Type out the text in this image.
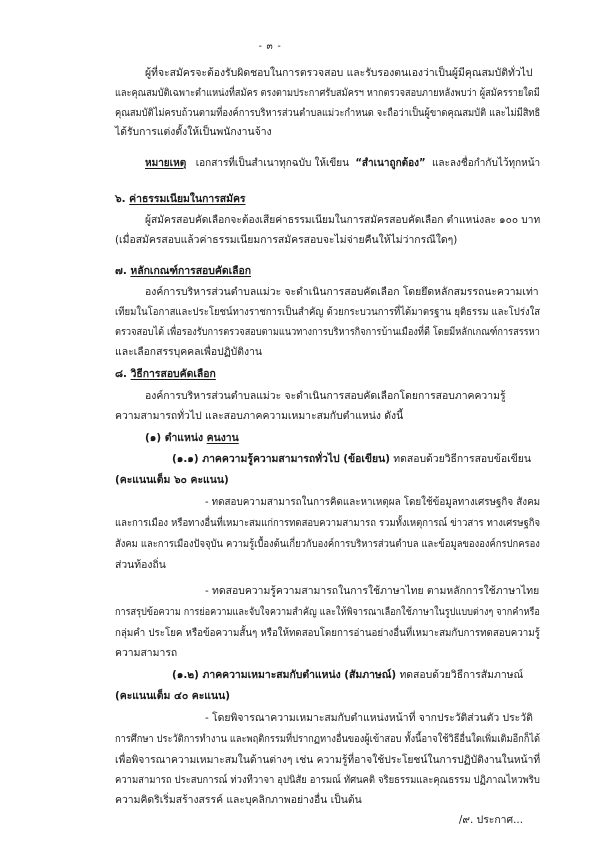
- ๓ -
ผู้ที่จะสมัครจะต้องรับผิดชอบในการตรวจสอบ และรับรองตนเองว่าเป็นผู้มีคุณสมบัติทั่วไป
และคุณสมบัติเฉพาะตำแหน่งที่สมัคร ตรงตามประกาศรับสมัครฯ หากตรวจสอบภายหลังพบว่า ผู้สมัครรายใดมี
คุณสมบัติไม่ครบถ้วนตามที่องค์การบริหารส่วนตำบลแม่วะกำหนด จะถือว่าเป็นผู้ขาดคุณสมบัติ และไม่มีสิทธิ
ได้รับการแต่งตั้งให้เป็นพนักงานจ้าง
หมายเหตุ เอกสารที่เป็นสำเนาทุกฉบับ ให้เขียน “สำเนาถูกต้อง” และลงชื่อกำกับไว้ทุกหน้า
๖. ค่าธรรมเนียมในการสมัคร
ผู้สมัครสอบคัดเลือกจะต้องเสียค่าธรรมเนียมในการสมัครสอบคัดเลือก ตำแหน่งละ ๑๐๐ บาท
(เมื่อสมัครสอบแล้วค่าธรรมเนียมการสมัครสอบจะไม่จ่ายคืนให้ไม่ว่ากรณีใดๆ)
๗. หลักเกณฑ์การสอบคัดเลือก
องค์การบริหารส่วนตำบลแม่วะ จะดำเนินการสอบคัดเลือก โดยยึดหลักสมรรถนะความเท่า
เทียมในโอกาสและประโยชน์ทางราชการเป็นสำคัญ ด้วยกระบวนการที่ได้มาตรฐาน ยุติธรรม และโปร่งใส
ตรวจสอบได้ เพื่อรองรับการตรวจสอบตามแนวทางการบริหารกิจการบ้านเมืองที่ดี โดยมีหลักเกณฑ์การสรรหา
และเลือกสรรบุคคลเพื่อปฏิบัติงาน
๘. วิธีการสอบคัดเลือก
องค์การบริหารส่วนตำบลแม่วะ จะดำเนินการสอบคัดเลือกโดยการสอบภาคความรู้
ความสามารถทั่วไป และสอบภาคความเหมาะสมกับตำแหน่ง ดังนี้
(๑) ตำแหน่ง คนงาน
(๑.๑) ภาคความรู้ความสามารถทั่วไป (ข้อเขียน) ทดสอบด้วยวิธีการสอบข้อเขียน
(คะแนนเต็ม ๖๐ คะแนน)
- ทดสอบความสามารถในการคิดและหาเหตุผล โดยใช้ข้อมูลทางเศรษฐกิจ สังคม
และการเมือง หรือทางอื่นที่เหมาะสมแก่การทดสอบความสามารถ รวมทั้งเหตุการณ์ ข่าวสาร ทางเศรษฐกิจ
สังคม และการเมืองปัจจุบัน ความรู้เบื้องต้นเกี่ยวกับองค์การบริหารส่วนตำบล และข้อมูลขององค์กรปกครอง
ส่วนท้องถิ่น
- ทดสอบความรู้ความสามารถในการใช้ภาษาไทย ตามหลักการใช้ภาษาไทย
การสรุปข้อความ การย่อความและจับใจความสำคัญ และให้พิจารณาเลือกใช้ภาษาในรูปแบบต่างๆ จากคำหรือ
กลุ่มคำ ประโยค หรือข้อความสั้นๆ หรือให้ทดสอบโดยการอ่านอย่างอื่นที่เหมาะสมกับการทดสอบความรู้
ความสามารถ
(๑.๒) ภาคความเหมาะสมกับตำแหน่ง (สัมภาษณ์) ทดสอบด้วยวิธีการสัมภาษณ์
(คะแนนเต็ม ๔๐ คะแนน)
- โดยพิจารณาความเหมาะสมกับตำแหน่งหน้าที่ จากประวัติส่วนตัว ประวัติ
การศึกษา ประวัติการทำงาน และพฤติกรรมที่ปรากฏทางอื่นของผู้เข้าสอบ ทั้งนี้อาจใช้วิธีอื่นใดเพิ่มเติมอีกก็ได้
เพื่อพิจารณาความเหมาะสมในด้านต่างๆ เช่น ความรู้ที่อาจใช้ประโยชน์ในการปฏิบัติงานในหน้าที่
ความสามารถ ประสบการณ์ ท่วงทีวาจา อุปนิสัย อารมณ์ ทัศนคติ จริยธรรมและคุณธรรม ปฏิภาณไหวพริบ
ความคิดริเริ่มสร้างสรรค์ และบุคลิกภาพอย่างอื่น เป็นต้น
/๙. ประกาศ...
